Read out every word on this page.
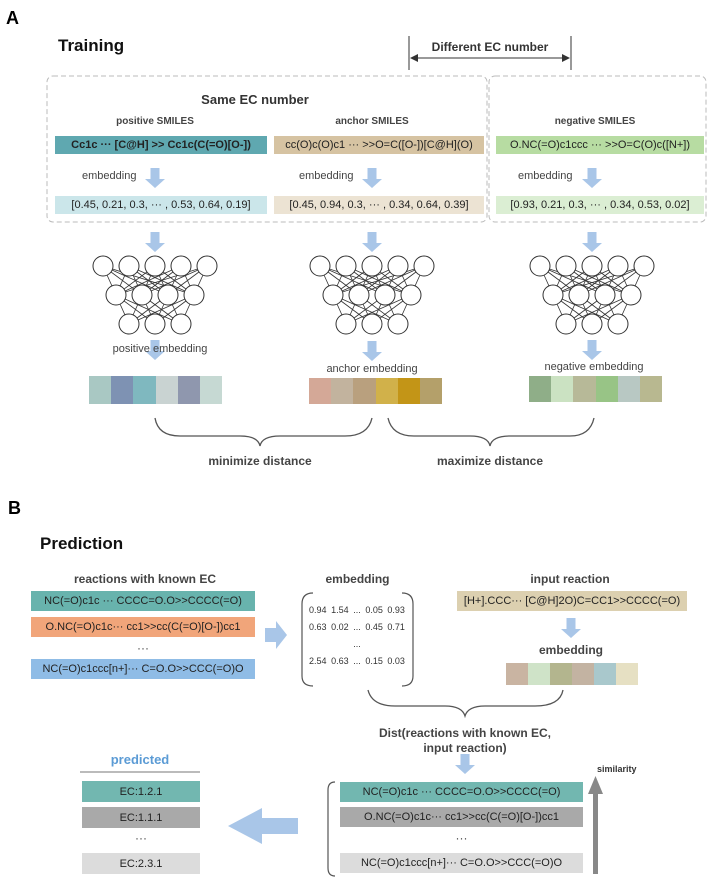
A
Training	Different EC number
Same EC number
positive SMILES
Cc1c ··· [C@H] >> Cc1c(C(=O)[O-])
embedding
[0.45, 0.21, 0.3, ··· , 0.53, 0.64, 0.19]
positive embedding
anchor SMILES
cc(O)c(O)c1 ··· >>O=C([O-])[C@H](O)
embedding
[0.45, 0.94, 0.3, ··· , 0.34, 0.64, 0.39]
anchor embedding
negative SMILES
O.NC(=O)c1ccc ··· >>O=C(O)c([N+])
embedding
[0.93, 0.21, 0.3, ··· , 0.34, 0.53, 0.02]
negative embedding
minimize distance	maximize distance
B
Prediction
reactions with known EC
NC(=O)c1c ··· CCCC=O.O>>CCCC(=O)
O.NC(=O)c1c··· cc1>>cc(C(=O)[O-])cc1
···
NC(=O)c1ccc[n+]··· C=O.O>>CCC(=O)O
embedding
0.94 1.54 ... 0.05 0.93
0.63 0.02 ... 0.45 0.71
...
2.54 0.63 ... 0.15 0.03
input reaction
[H+].CCC··· [C@H]2O)C=CC1>>CCCC(=O)
embedding
Dist(reactions with known EC,
input reaction)
similarity
NC(=O)c1c ··· CCCC=O.O>>CCCC(=O)
O.NC(=O)c1c··· cc1>>cc(C(=O)[O-])cc1
···
NC(=O)c1ccc[n+]··· C=O.O>>CCC(=O)O
predicted
EC:1.2.1
EC:1.1.1
···
EC:2.3.1
